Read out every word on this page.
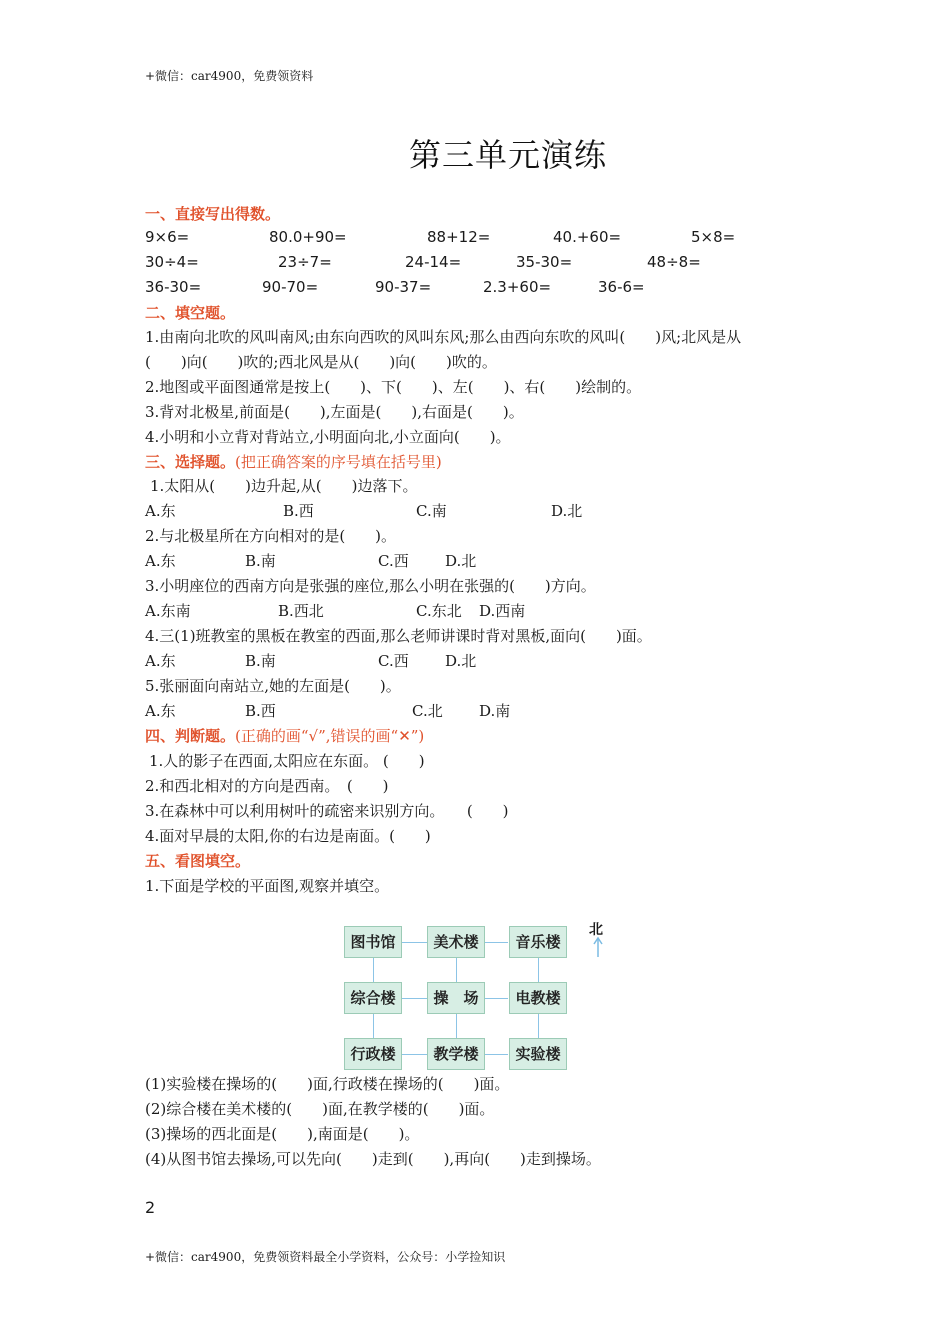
+微信：car4900，免费领资料
第三单元演练
一、直接写出得数。
9×6=	80.0+90=	88+12=	40.+60=	5×8=
30÷4=	23÷7=	24-14=	35-30=	48÷8=
36-30=	90-70=	90-37=	2.3+60=	36-6=
二、填空题。
1.由南向北吹的风叫南风;由东向西吹的风叫东风;那么由西向东吹的风叫(　　)风;北风是从
(　　)向(　　)吹的;西北风是从(　　)向(　　)吹的。
2.地图或平面图通常是按上(　　)、下(　　)、左(　　)、右(　　)绘制的。
3.背对北极星,前面是(　　),左面是(　　),右面是(　　)。
4.小明和小立背对背站立,小明面向北,小立面向(　　)。
三、选择题。(把正确答案的序号填在括号里)
1.太阳从(　　)边升起,从(　　)边落下。
A.东	B.西	C.南	D.北
2.与北极星所在方向相对的是(　　)。
A.东	B.南	C.西 D.北
3.小明座位的西南方向是张强的座位,那么小明在张强的(　　)方向。
A.东南	B.西北	C.东北 D.西南
4.三(1)班教室的黑板在教室的西面,那么老师讲课时背对黑板,面向(　　)面。
A.东	B.南	C.西 D.北
5.张丽面向南站立,她的左面是(　　)。
A.东	B.西	C.北 D.南
四、判断题。(正确的画“√”,错误的画“✕”)
1.人的影子在西面,太阳应在东面。 (　　)
2.和西北相对的方向是西南。　(　　)
3.在森林中可以利用树叶的疏密来识别方向。　　(　　)
4.面对早晨的太阳,你的右边是南面。(　　)
五、看图填空。
1.下面是学校的平面图,观察并填空。
图书馆	美术楼	音乐楼
综合楼	操　场	电教楼
行政楼	教学楼	实验楼
北
(1)实验楼在操场的(　　)面,行政楼在操场的(　　)面。
(2)综合楼在美术楼的(　　)面,在教学楼的(　　)面。
(3)操场的西北面是(　　),南面是(　　)。
(4)从图书馆去操场,可以先向(　　)走到(　　),再向(　　)走到操场。
2
+微信：car4900，免费领资料最全小学资料，公众号：小学捡知识
